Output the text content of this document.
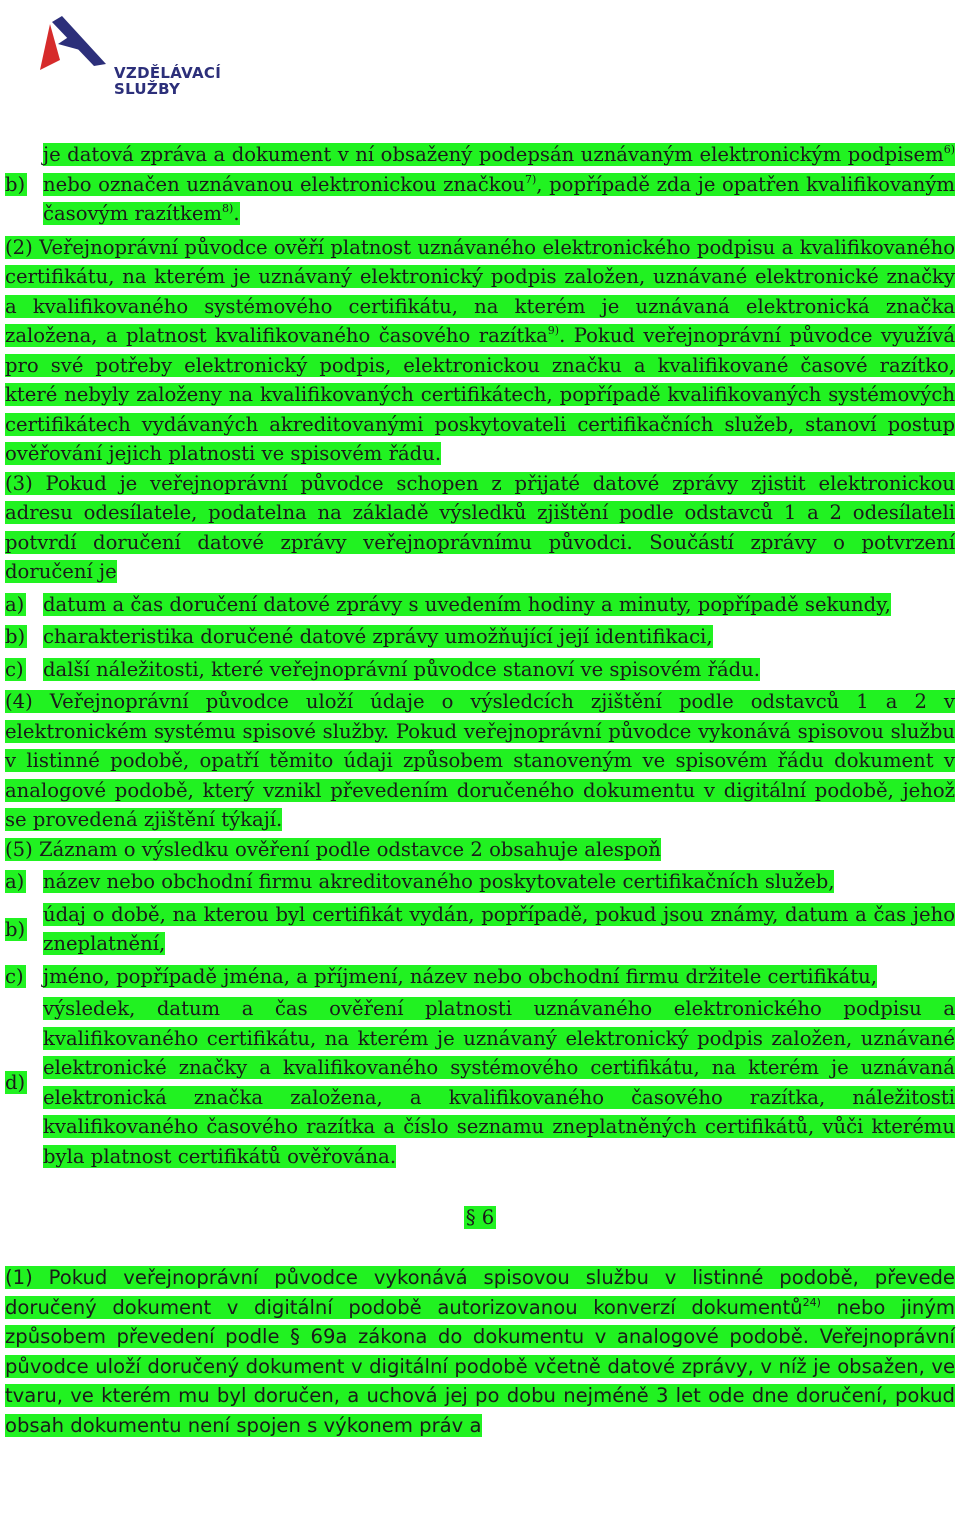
VZDĚLÁVACÍ
SLUŽBY
b)
je datová zpráva a dokument v ní obsažený podepsán uznávaným elektronickým podpisem$^{6)}$ nebo označen uznávanou elektronickou značkou$^{7)}$, popřípadě zda je opatřen kvalifikovaným časovým razítkem$^{8)}$.

(2) Veřejnoprávní původce ověří platnost uznávaného elektronického podpisu a kvalifikovaného certifikátu, na kterém je uznávaný elektronický podpis založen, uznávané elektronické značky a kvalifikovaného systémového certifikátu, na kterém je uznávaná elektronická značka založena, a platnost kvalifikovaného časového razítka$^{9)}$. Pokud veřejnoprávní původce využívá pro své potřeby elektronický podpis, elektronickou značku a kvalifikované časové razítko, které nebyly založeny na kvalifikovaných certifikátech, popřípadě kvalifikovaných systémových certifikátech vydávaných akreditovanými poskytovateli certifikačních služeb, stanoví postup ověřování jejich platnosti ve spisovém řádu.

(3) Pokud je veřejnoprávní původce schopen z přijaté datové zprávy zjistit elektronickou adresu odesílatele, podatelna na základě výsledků zjištění podle odstavců 1 a 2 odesílateli potvrdí doručení datové zprávy veřejnoprávnímu původci. Součástí zprávy o potvrzení doručení je

a) datum a čas doručení datové zprávy s uvedením hodiny a minuty, popřípadě sekundy,
b) charakteristika doručené datové zprávy umožňující její identifikaci,
c) další náležitosti, které veřejnoprávní původce stanoví ve spisovém řádu.

(4) Veřejnoprávní původce uloží údaje o výsledcích zjištění podle odstavců 1 a 2 v elektronickém systému spisové služby. Pokud veřejnoprávní původce vykonává spisovou službu v listinné podobě, opatří těmito údaji způsobem stanoveným ve spisovém řádu dokument v analogové podobě, který vznikl převedením doručeného dokumentu v digitální podobě, jehož se provedená zjištění týkají.

(5) Záznam o výsledku ověření podle odstavce 2 obsahuje alespoň

a) název nebo obchodní firmu akreditovaného poskytovatele certifikačních služeb,
b)
údaj o době, na kterou byl certifikát vydán, popřípadě, pokud jsou známy, datum a čas jeho zneplatnění,
c) jméno, popřípadě jména, a příjmení, název nebo obchodní firmu držitele certifikátu,
d)
výsledek, datum a čas ověření platnosti uznávaného elektronického podpisu a kvalifikovaného certifikátu, na kterém je uznávaný elektronický podpis založen, uznávané elektronické značky a kvalifikovaného systémového certifikátu, na kterém je uznávaná elektronická značka založena, a kvalifikovaného časového razítka, náležitosti kvalifikovaného časového razítka a číslo seznamu zneplatněných certifikátů, vůči kterému byla platnost certifikátů ověřována.
§ 6

(1) Pokud veřejnoprávní původce vykonává spisovou službu v listinné podobě, převede doručený dokument v digitální podobě autorizovanou konverzí dokumentů$^{24)}$ nebo jiným způsobem převedení podle § 69a zákona do dokumentu v analogové podobě. Veřejnoprávní původce uloží doručený dokument v digitální podobě včetně datové zprávy, v níž je obsažen, ve tvaru, ve kterém mu byl doručen, a uchová jej po dobu nejméně 3 let ode dne doručení, pokud obsah dokumentu není spojen s výkonem práv a
